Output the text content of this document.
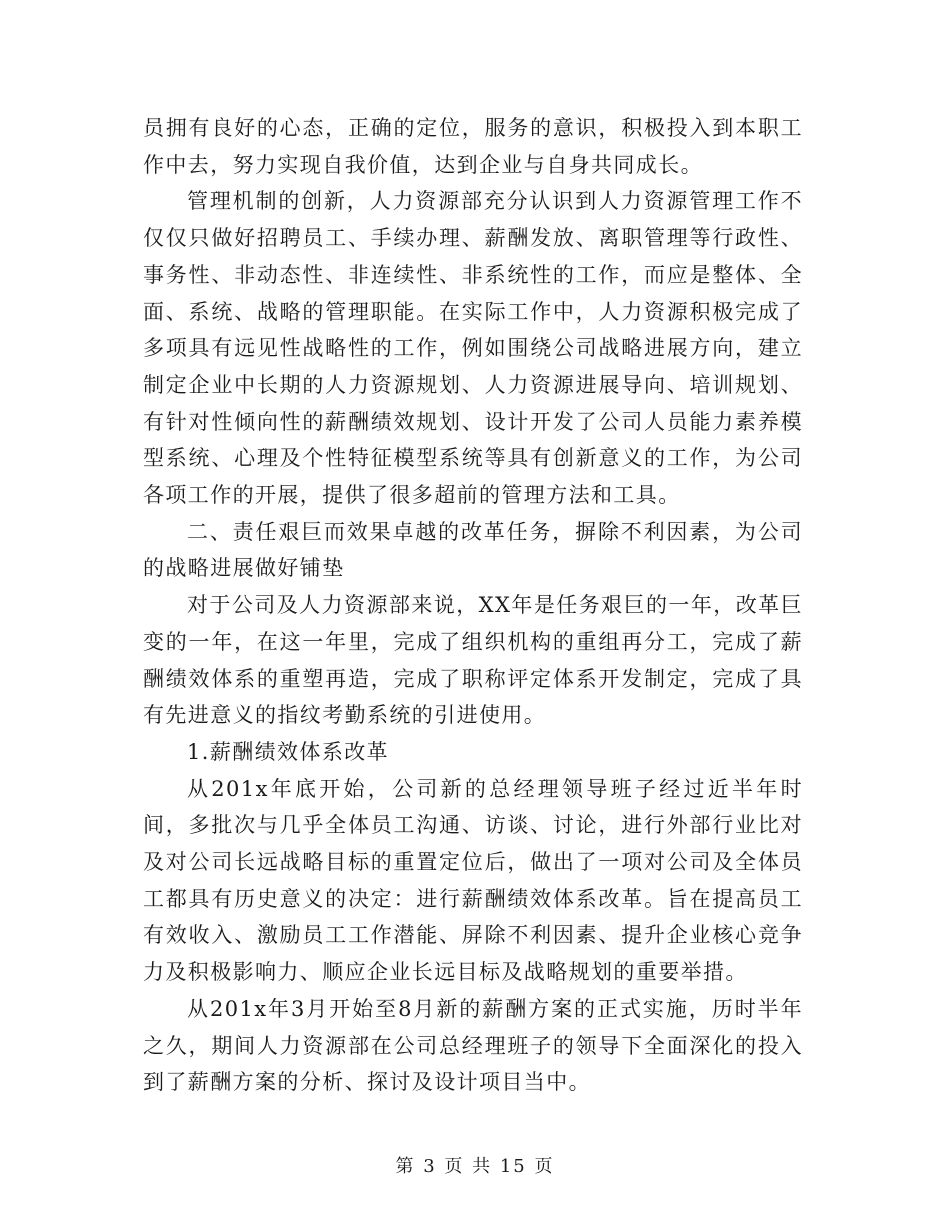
员拥有良好的心态，正确的定位，服务的意识，积极投入到本职工作中去，努力实现自我价值，达到企业与自身共同成长。

管理机制的创新，人力资源部充分认识到人力资源管理工作不仅仅只做好招聘员工、手续办理、薪酬发放、离职管理等行政性、事务性、非动态性、非连续性、非系统性的工作，而应是整体、全面、系统、战略的管理职能。在实际工作中，人力资源积极完成了多项具有远见性战略性的工作，例如围绕公司战略进展方向，建立制定企业中长期的人力资源规划、人力资源进展导向、培训规划、有针对性倾向性的薪酬绩效规划、设计开发了公司人员能力素养模型系统、心理及个性特征模型系统等具有创新意义的工作，为公司各项工作的开展，提供了很多超前的管理方法和工具。

二、责任艰巨而效果卓越的改革任务，摒除不利因素，为公司的战略进展做好铺垫

对于公司及人力资源部来说，XX年是任务艰巨的一年，改革巨变的一年，在这一年里，完成了组织机构的重组再分工，完成了薪酬绩效体系的重塑再造，完成了职称评定体系开发制定，完成了具有先进意义的指纹考勤系统的引进使用。

1.薪酬绩效体系改革

从201x年底开始，公司新的总经理领导班子经过近半年时间，多批次与几乎全体员工沟通、访谈、讨论，进行外部行业比对及对公司长远战略目标的重置定位后，做出了一项对公司及全体员工都具有历史意义的决定：进行薪酬绩效体系改革。旨在提高员工有效收入、激励员工工作潜能、屏除不利因素、提升企业核心竞争力及积极影响力、顺应企业长远目标及战略规划的重要举措。

从201x年3月开始至8月新的薪酬方案的正式实施，历时半年之久，期间人力资源部在公司总经理班子的领导下全面深化的投入到了薪酬方案的分析、探讨及设计项目当中。

第 3 页 共 15 页
